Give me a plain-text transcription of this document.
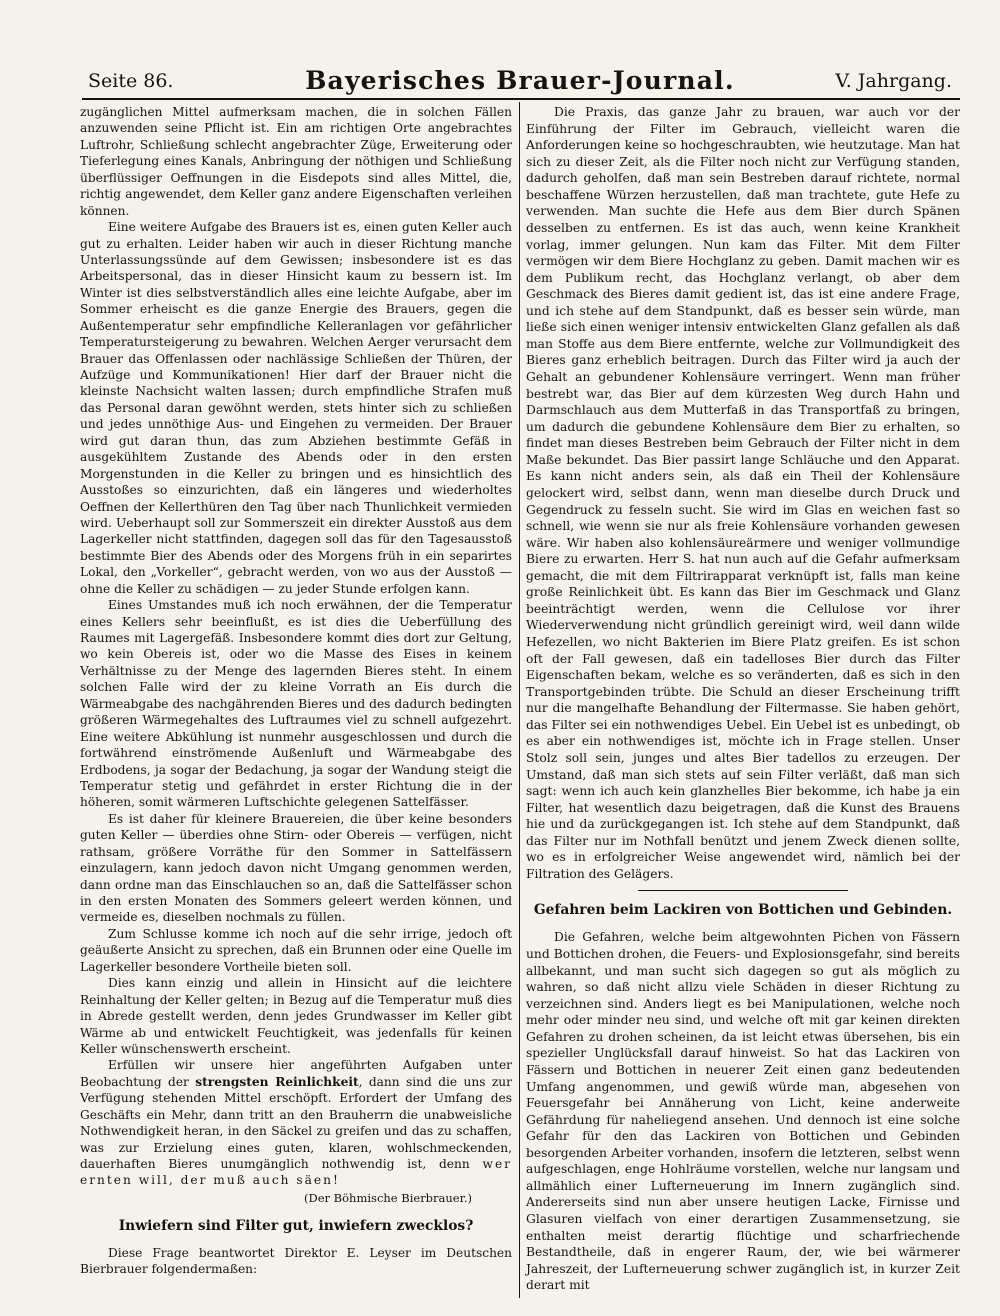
Seite 86.	Bayerisches Brauer-Journal.	V. Jahrgang.

zugänglichen Mittel aufmerksam machen, die in solchen Fällen anzuwenden seine Pflicht ist. Ein am richtigen Orte angebrachtes Luftrohr, Schließung schlecht angebrachter Züge, Erweiterung oder Tieferlegung eines Kanals, Anbringung der nöthigen und Schließung überflüssiger Oeffnungen in die Eisdepots sind alles Mittel, die, richtig angewendet, dem Keller ganz andere Eigenschaften verleihen können.

Eine weitere Aufgabe des Brauers ist es, einen guten Keller auch gut zu erhalten. Leider haben wir auch in dieser Richtung manche Unterlassungssünde auf dem Gewissen; insbesondere ist es das Arbeitspersonal, das in dieser Hinsicht kaum zu bessern ist. Im Winter ist dies selbstverständlich alles eine leichte Aufgabe, aber im Sommer erheischt es die ganze Energie des Brauers, gegen die Außentemperatur sehr empfindliche Kelleranlagen vor gefährlicher Temperatursteigerung zu bewahren. Welchen Aerger verursacht dem Brauer das Offenlassen oder nachlässige Schließen der Thüren, der Aufzüge und Kommunikationen! Hier darf der Brauer nicht die kleinste Nachsicht walten lassen; durch empfindliche Strafen muß das Personal daran gewöhnt werden, stets hinter sich zu schließen und jedes unnöthige Aus- und Eingehen zu vermeiden. Der Brauer wird gut daran thun, das zum Abziehen bestimmte Gefäß in ausgekühltem Zustande des Abends oder in den ersten Morgenstunden in die Keller zu bringen und es hinsichtlich des Ausstoßes so einzurichten, daß ein längeres und wiederholtes Oeffnen der Kellerthüren den Tag über nach Thunlichkeit vermieden wird. Ueberhaupt soll zur Sommerszeit ein direkter Ausstoß aus dem Lagerkeller nicht stattfinden, dagegen soll das für den Tagesausstoß bestimmte Bier des Abends oder des Morgens früh in ein separirtes Lokal, den „Vorkeller“, gebracht werden, von wo aus der Ausstoß — ohne die Keller zu schädigen — zu jeder Stunde erfolgen kann.

Eines Umstandes muß ich noch erwähnen, der die Temperatur eines Kellers sehr beeinflußt, es ist dies die Ueberfüllung des Raumes mit Lagergefäß. Insbesondere kommt dies dort zur Geltung, wo kein Obereis ist, oder wo die Masse des Eises in keinem Verhältnisse zu der Menge des lagernden Bieres steht. In einem solchen Falle wird der zu kleine Vorrath an Eis durch die Wärmeabgabe des nachgährenden Bieres und des dadurch bedingten größeren Wärmegehaltes des Luftraumes viel zu schnell aufgezehrt. Eine weitere Abkühlung ist nunmehr ausgeschlossen und durch die fortwährend einströmende Außenluft und Wärmeabgabe des Erdbodens, ja sogar der Bedachung, ja sogar der Wandung steigt die Temperatur stetig und gefährdet in erster Richtung die in der höheren, somit wärmeren Luftschichte gelegenen Sattelfässer.

Es ist daher für kleinere Brauereien, die über keine besonders guten Keller — überdies ohne Stirn- oder Obereis — verfügen, nicht rathsam, größere Vorräthe für den Sommer in Sattelfässern einzulagern, kann jedoch davon nicht Umgang genommen werden, dann ordne man das Einschlauchen so an, daß die Sattelfässer schon in den ersten Monaten des Sommers geleert werden können, und vermeide es, dieselben nochmals zu füllen.

Zum Schlusse komme ich noch auf die sehr irrige, jedoch oft geäußerte Ansicht zu sprechen, daß ein Brunnen oder eine Quelle im Lagerkeller besondere Vortheile bieten soll.

Dies kann einzig und allein in Hinsicht auf die leichtere Reinhaltung der Keller gelten; in Bezug auf die Temperatur muß dies in Abrede gestellt werden, denn jedes Grundwasser im Keller gibt Wärme ab und entwickelt Feuchtigkeit, was jedenfalls für keinen Keller wünschenswerth erscheint.

Erfüllen wir unsere hier angeführten Aufgaben unter Beobachtung der strengsten Reinlichkeit, dann sind die uns zur Verfügung stehenden Mittel erschöpft. Erfordert der Umfang des Geschäfts ein Mehr, dann tritt an den Brauherrn die unabweisliche Nothwendigkeit heran, in den Säckel zu greifen und das zu schaffen, was zur Erzielung eines guten, klaren, wohlschmeckenden, dauerhaften Bieres unumgänglich nothwendig ist, denn wer ernten will, der muß auch säen!

(Der Böhmische Bierbrauer.)
Inwiefern sind Filter gut, inwiefern zwecklos?

Diese Frage beantwortet Direktor E. Leyser im Deutschen Bierbrauer folgendermaßen:

Die Praxis, das ganze Jahr zu brauen, war auch vor der Einführung der Filter im Gebrauch, vielleicht waren die Anforderungen keine so hochgeschraubten, wie heutzutage. Man hat sich zu dieser Zeit, als die Filter noch nicht zur Verfügung standen, dadurch geholfen, daß man sein Bestreben darauf richtete, normal beschaffene Würzen herzustellen, daß man trachtete, gute Hefe zu verwenden. Man suchte die Hefe aus dem Bier durch Spänen desselben zu entfernen. Es ist das auch, wenn keine Krankheit vorlag, immer gelungen. Nun kam das Filter. Mit dem Filter vermögen wir dem Biere Hochglanz zu geben. Damit machen wir es dem Publikum recht, das Hochglanz verlangt, ob aber dem Geschmack des Bieres damit gedient ist, das ist eine andere Frage, und ich stehe auf dem Standpunkt, daß es besser sein würde, man ließe sich einen weniger intensiv entwickelten Glanz gefallen als daß man Stoffe aus dem Biere entfernte, welche zur Vollmundigkeit des Bieres ganz erheblich beitragen. Durch das Filter wird ja auch der Gehalt an gebundener Kohlensäure verringert. Wenn man früher bestrebt war, das Bier auf dem kürzesten Weg durch Hahn und Darmschlauch aus dem Mutterfaß in das Transportfaß zu bringen, um dadurch die gebundene Kohlensäure dem Bier zu erhalten, so findet man dieses Bestreben beim Gebrauch der Filter nicht in dem Maße bekundet. Das Bier passirt lange Schläuche und den Apparat. Es kann nicht anders sein, als daß ein Theil der Kohlensäure gelockert wird, selbst dann, wenn man dieselbe durch Druck und Gegendruck zu fesseln sucht. Sie wird im Glas en weichen fast so schnell, wie wenn sie nur als freie Kohlensäure vorhanden gewesen wäre. Wir haben also kohlensäureärmere und weniger vollmundige Biere zu erwarten. Herr S. hat nun auch auf die Gefahr aufmerksam gemacht, die mit dem Filtrirapparat verknüpft ist, falls man keine große Reinlichkeit übt. Es kann das Bier im Geschmack und Glanz beeinträchtigt werden, wenn die Cellulose vor ihrer Wiederverwendung nicht gründlich gereinigt wird, weil dann wilde Hefezellen, wo nicht Bakterien im Biere Platz greifen. Es ist schon oft der Fall gewesen, daß ein tadelloses Bier durch das Filter Eigenschaften bekam, welche es so veränderten, daß es sich in den Transportgebinden trübte. Die Schuld an dieser Erscheinung trifft nur die mangelhafte Behandlung der Filtermasse. Sie haben gehört, das Filter sei ein nothwendiges Uebel. Ein Uebel ist es unbedingt, ob es aber ein nothwendiges ist, möchte ich in Frage stellen. Unser Stolz soll sein, junges und altes Bier tadellos zu erzeugen. Der Umstand, daß man sich stets auf sein Filter verläßt, daß man sich sagt: wenn ich auch kein glanzhelles Bier bekomme, ich habe ja ein Filter, hat wesentlich dazu beigetragen, daß die Kunst des Brauens hie und da zurückgegangen ist. Ich stehe auf dem Standpunkt, daß das Filter nur im Nothfall benützt und jenem Zweck dienen sollte, wo es in erfolgreicher Weise angewendet wird, nämlich bei der Filtration des Gelägers.

Gefahren beim Lackiren von Bottichen und Gebinden.

Die Gefahren, welche beim altgewohnten Pichen von Fässern und Bottichen drohen, die Feuers- und Explosionsgefahr, sind bereits allbekannt, und man sucht sich dagegen so gut als möglich zu wahren, so daß nicht allzu viele Schäden in dieser Richtung zu verzeichnen sind. Anders liegt es bei Manipulationen, welche noch mehr oder minder neu sind, und welche oft mit gar keinen direkten Gefahren zu drohen scheinen, da ist leicht etwas übersehen, bis ein spezieller Unglücksfall darauf hinweist. So hat das Lackiren von Fässern und Bottichen in neuerer Zeit einen ganz bedeutenden Umfang angenommen, und gewiß würde man, abgesehen von Feuersgefahr bei Annäherung von Licht, keine anderweite Gefährdung für naheliegend ansehen. Und dennoch ist eine solche Gefahr für den das Lackiren von Bottichen und Gebinden besorgenden Arbeiter vorhanden, insofern die letzteren, selbst wenn aufgeschlagen, enge Hohlräume vorstellen, welche nur langsam und allmählich einer Lufterneuerung im Innern zugänglich sind. Andererseits sind nun aber unsere heutigen Lacke, Firnisse und Glasuren vielfach von einer derartigen Zusammensetzung, sie enthalten meist derartig flüchtige und scharfriechende Bestandtheile, daß in engerer Raum, der, wie bei wärmerer Jahreszeit, der Lufterneuerung schwer zugänglich ist, in kurzer Zeit derart mit
